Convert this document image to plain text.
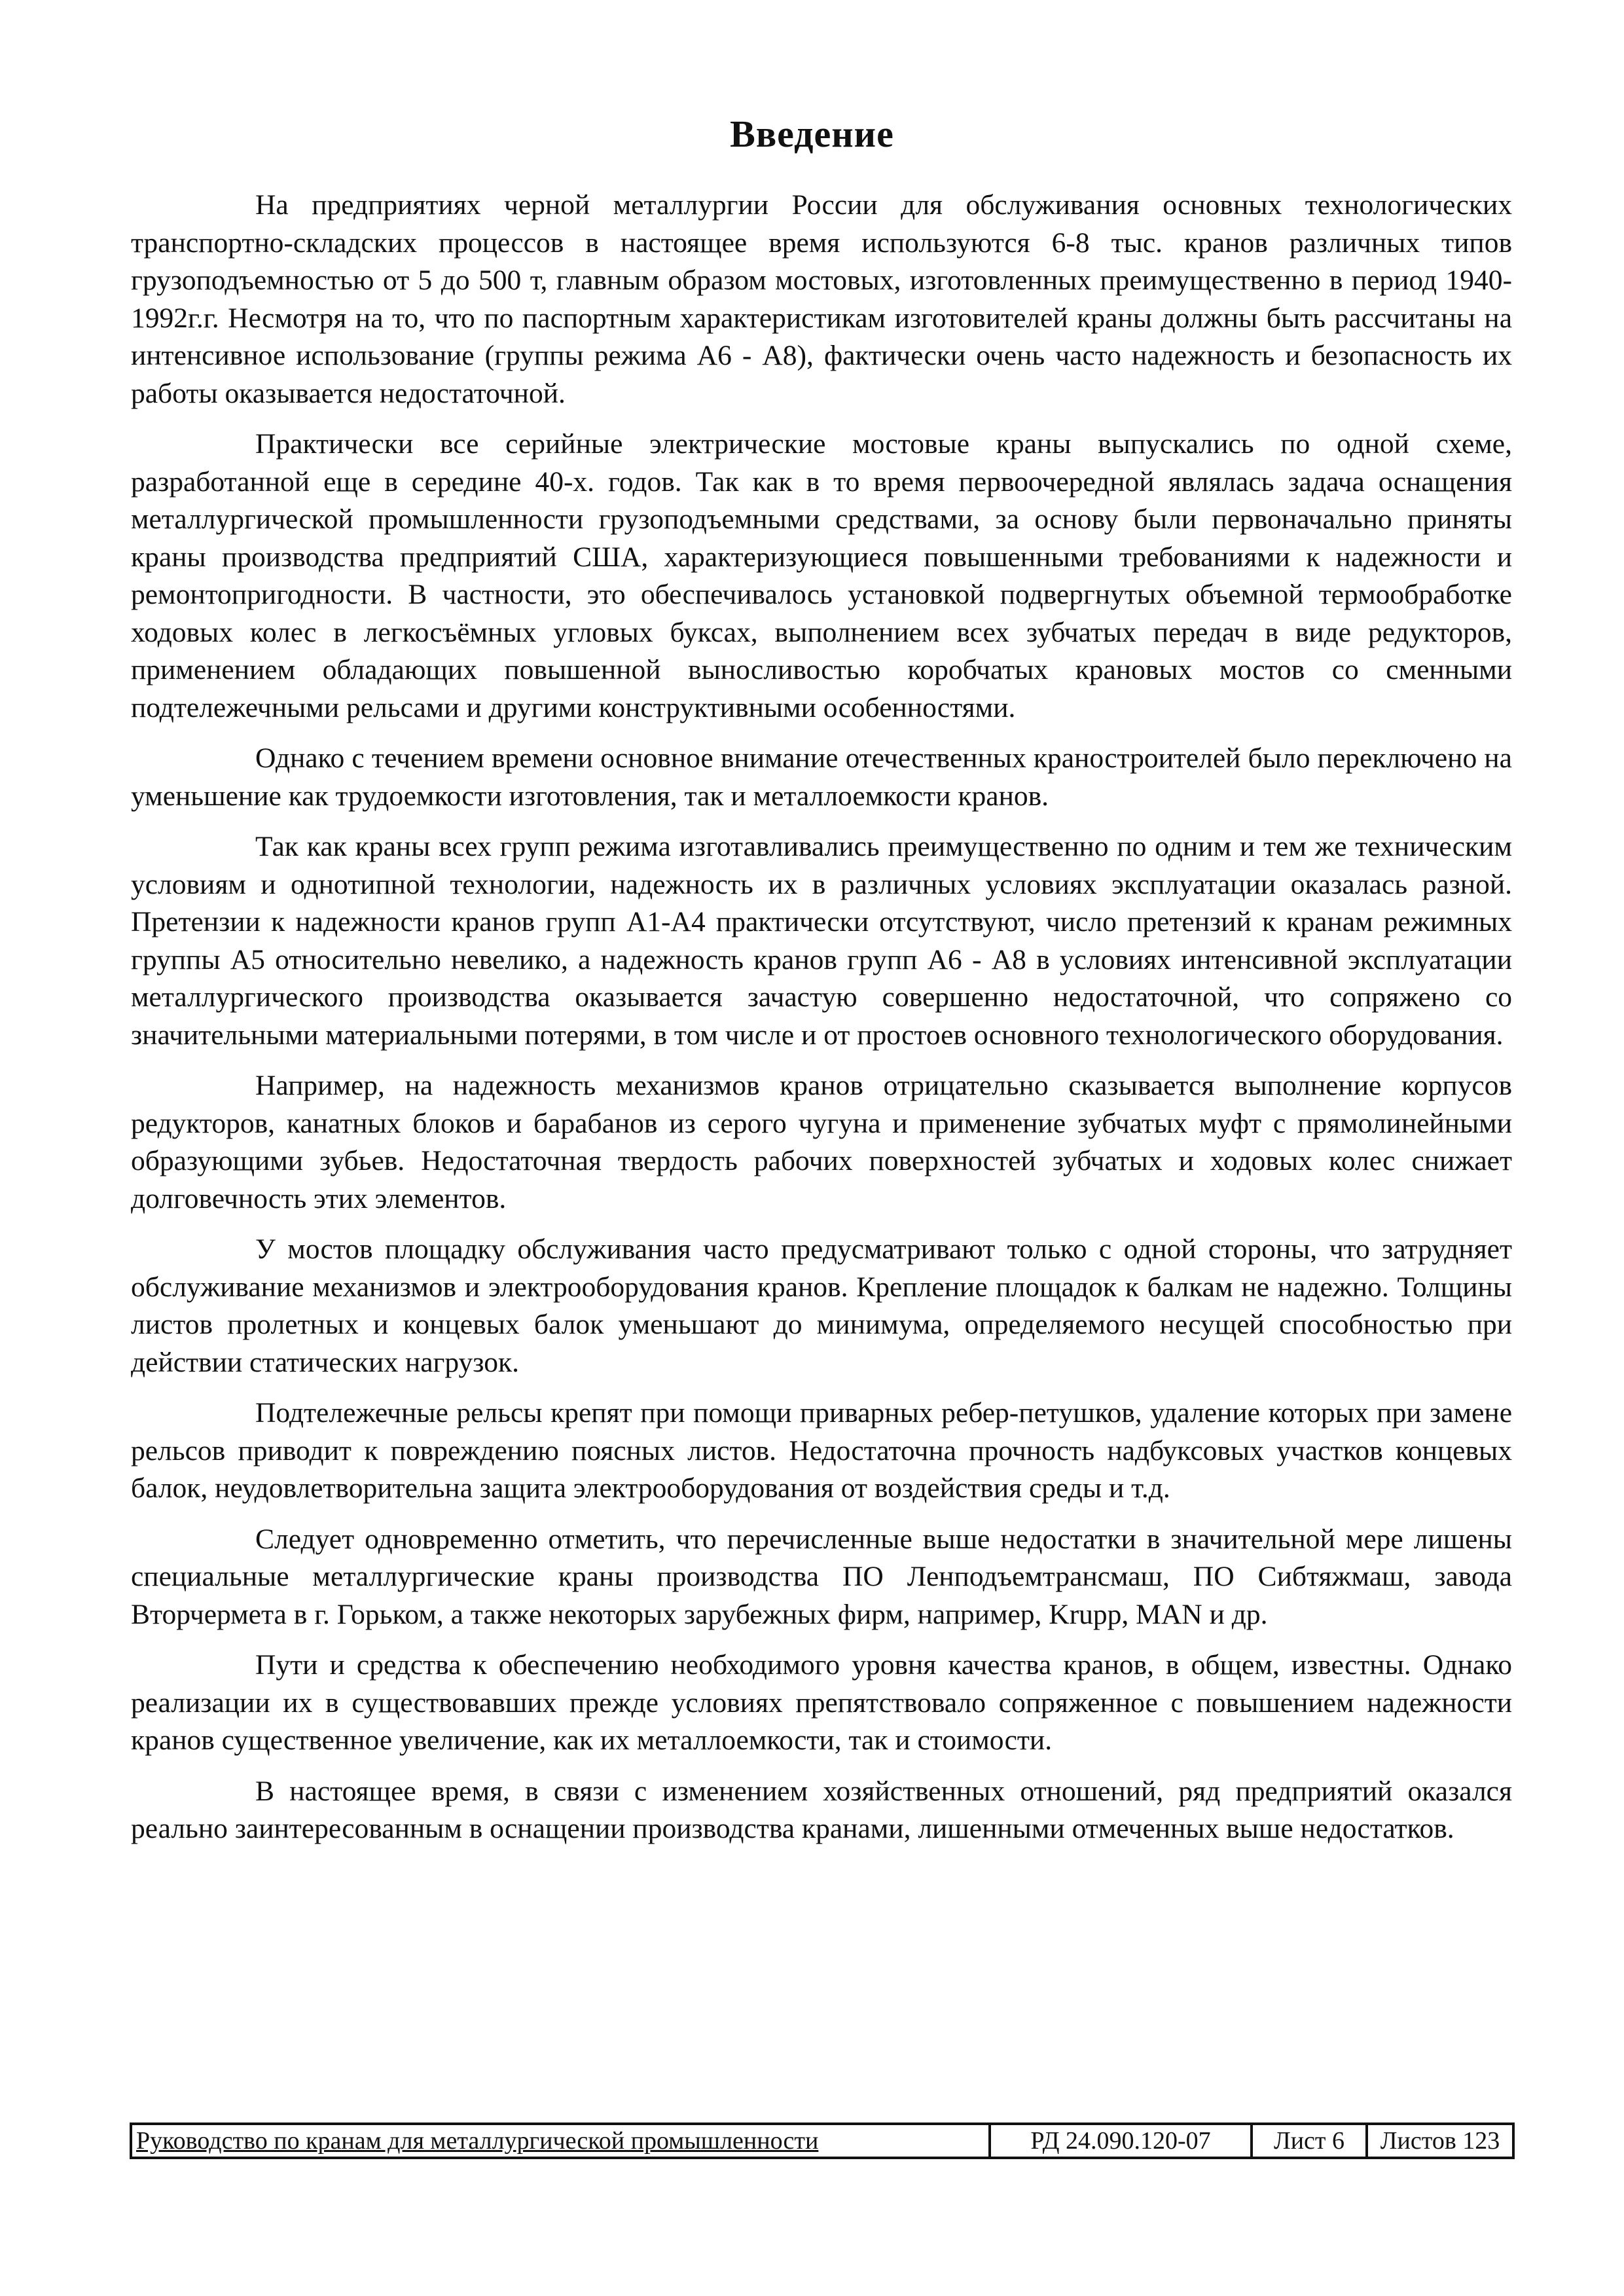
Введение

На предприятиях черной металлургии России для обслуживания основных технологических транспортно-складских процессов в настоящее время используются 6-8 тыс. кранов различных типов грузоподъемностью от 5 до 500 т, главным образом мостовых, изготовленных преимущественно в период 1940-1992г.г. Несмотря на то, что по паспортным характеристикам изготовителей краны должны быть рассчитаны на интенсивное использование (группы режима А6 - А8), фактически очень часто надежность и безопасность их работы оказывается недостаточной.

Практически все серийные электрические мостовые краны выпускались по одной схеме, разработанной еще в середине 40-х. годов. Так как в то время первоочередной являлась задача оснащения металлургической промышленности грузоподъемными средствами, за основу были первоначально приняты краны производства предприятий США, характеризующиеся повышенными требованиями к надежности и ремонтопригодности. В частности, это обеспечивалось установкой подвергнутых объемной термообработке ходовых колес в легкосъёмных угловых буксах, выполнением всех зубчатых передач в виде редукторов, применением обладающих повышенной выносливостью коробчатых крановых мостов со сменными подтележечными рельсами и другими конструктивными особенностями.

Однако с течением времени основное внимание отечественных краностроителей было переключено на уменьшение как трудоемкости изготовления, так и металлоемкости кранов.

Так как краны всех групп режима изготавливались преимущественно по одним и тем же техническим условиям и однотипной технологии, надежность их в различных условиях эксплуатации оказалась разной. Претензии к надежности кранов групп А1-А4 практически отсутствуют, число претензий к кранам режимных группы А5 относительно невелико, а надежность кранов групп А6 - А8 в условиях интенсивной эксплуатации металлургического производства оказывается зачастую совершенно недостаточной, что сопряжено со значительными материальными потерями, в том числе и от простоев основного технологического оборудования.

Например, на надежность механизмов кранов отрицательно сказывается выполнение корпусов редукторов, канатных блоков и барабанов из серого чугуна и применение зубчатых муфт с прямолинейными образующими зубьев. Недостаточная твердость рабочих поверхностей зубчатых и ходовых колес снижает долговечность этих элементов.

У мостов площадку обслуживания часто предусматривают только с одной стороны, что затрудняет обслуживание механизмов и электрооборудования кранов. Крепление площадок к балкам не надежно. Толщины листов пролетных и концевых балок уменьшают до минимума, определяемого несущей способностью при действии статических нагрузок.

Подтележечные рельсы крепят при помощи приварных ребер-петушков, удаление которых при замене рельсов приводит к повреждению поясных листов. Недостаточна прочность надбуксовых участков концевых балок, неудовлетворительна защита электрооборудования от воздействия среды и т.д.

Следует одновременно отметить, что перечисленные выше недостатки в значительной мере лишены специальные металлургические краны производства ПО Ленподъемтрансмаш, ПО Сибтяжмаш, завода Вторчермета в г. Горьком, а также некоторых зарубежных фирм, например, Krupp, MAN и др.

Пути и средства к обеспечению необходимого уровня качества кранов, в общем, известны. Однако реализации их в существовавших прежде условиях препятствовало сопряженное с повышением надежности кранов существенное увеличение, как их металлоемкости, так и стоимости.

В настоящее время, в связи с изменением хозяйственных отношений, ряд предприятий оказался реально заинтересованным в оснащении производства кранами, лишенными отмеченных выше недостатков.

Руководство по кранам для металлургической промышленности	РД 24.090.120-07	Лист 6 Листов 123
